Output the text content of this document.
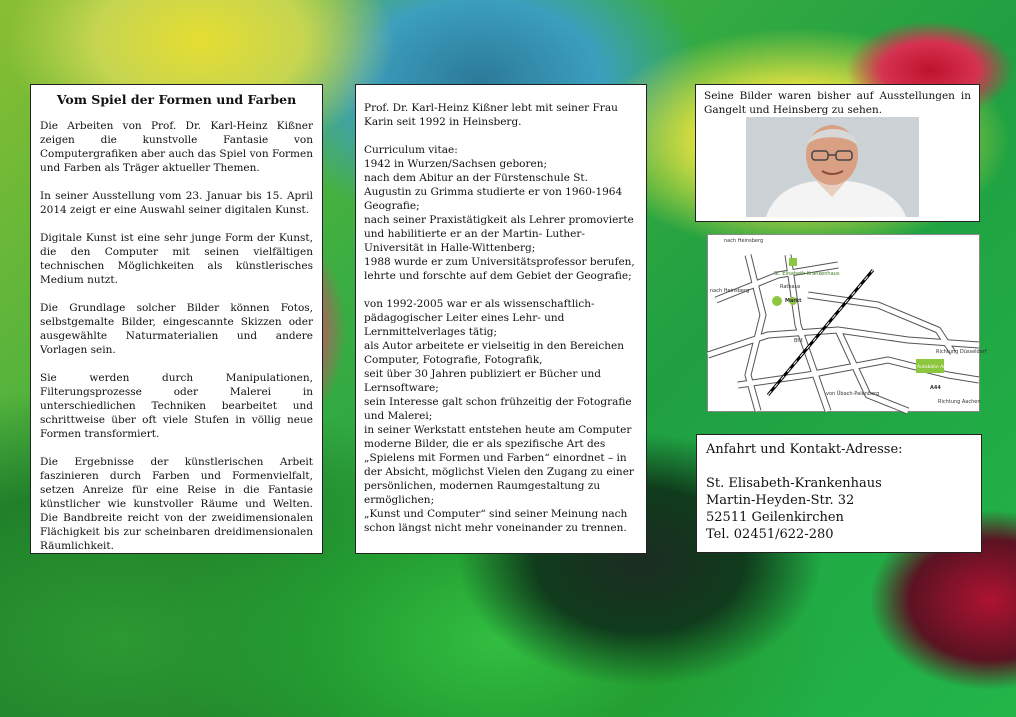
Vom Spiel der Formen und Farben

Die Arbeiten von Prof. Dr. Karl-Heinz Kißner zeigen die kunstvolle Fantasie von Computergrafiken aber auch das Spiel von Formen und Farben als Träger aktueller Themen.

In seiner Ausstellung vom 23. Januar bis 15. April 2014 zeigt er eine Auswahl seiner digitalen Kunst.

Digitale Kunst ist eine sehr junge Form der Kunst, die den Computer mit seinen vielfältigen technischen Möglichkeiten als künstlerisches Medium nutzt.

Die Grundlage solcher Bilder können Fotos, selbstgemalte Bilder, eingescannte Skizzen oder ausgewählte Naturmaterialien und andere Vorlagen sein.

Sie werden durch Manipulationen, Filterungsprozesse oder Malerei in unterschiedlichen Techniken bearbeitet und schrittweise über oft viele Stufen in völlig neue Formen transformiert.

Die Ergebnisse der künstlerischen Arbeit faszinieren durch Farben und Formenvielfalt, setzen Anreize für eine Reise in die Fantasie künstlicher wie kunstvoller Räume und Welten. Die Bandbreite reicht von der zweidimensionalen Flächigkeit bis zur scheinbaren dreidimensionalen Räumlichkeit.

Prof. Dr. Karl-Heinz Kißner lebt mit seiner Frau Karin seit 1992 in Heinsberg.

Curriculum vitae:
1942 in Wurzen/Sachsen geboren;
nach dem Abitur an der Fürstenschule St. Augustin zu Grimma studierte er von 1960-1964 Geografie;
nach seiner Praxistätigkeit als Lehrer promovierte und habilitierte er an der Martin- Luther-Universität in Halle-Wittenberg;
1988 wurde er zum Universitätsprofessor berufen, lehrte und forschte auf dem Gebiet der Geografie;
von 1992-2005 war er als wissenschaftlich-pädagogischer Leiter eines Lehr- und Lernmittelverlages tätig;
als Autor arbeitete er vielseitig in den Bereichen Computer, Fotografie, Fotografik,
seit über 30 Jahren publiziert er Bücher und Lernsoftware;
sein Interesse galt schon frühzeitig der Fotografie und Malerei;
in seiner Werkstatt entstehen heute am Computer moderne Bilder, die er als spezifische Art des „Spielens mit Formen und Farben“ einordnet – in der Absicht, möglichst Vielen den Zugang zu einer persönlichen, modernen Raumgestaltung zu ermöglichen;
„Kunst und Computer“ sind seiner Meinung nach schon längst nicht mehr voneinander zu trennen.
Seine Bilder waren bisher auf Ausstellungen in Gangelt und Heinsberg zu sehen.
nach Heinsberg
nach Heinsberg
St. Elisabeth Krankenhaus
Rathaus
Markt
Bhf.
Richtung Düsseldorf
Autobahn Ausfahrt
A44
von Übach-Palenberg
Richtung Aachen
Anfahrt und Kontakt-Adresse:
St. Elisabeth-Krankenhaus
Martin-Heyden-Str. 32
52511 Geilenkirchen
Tel. 02451/622-280
